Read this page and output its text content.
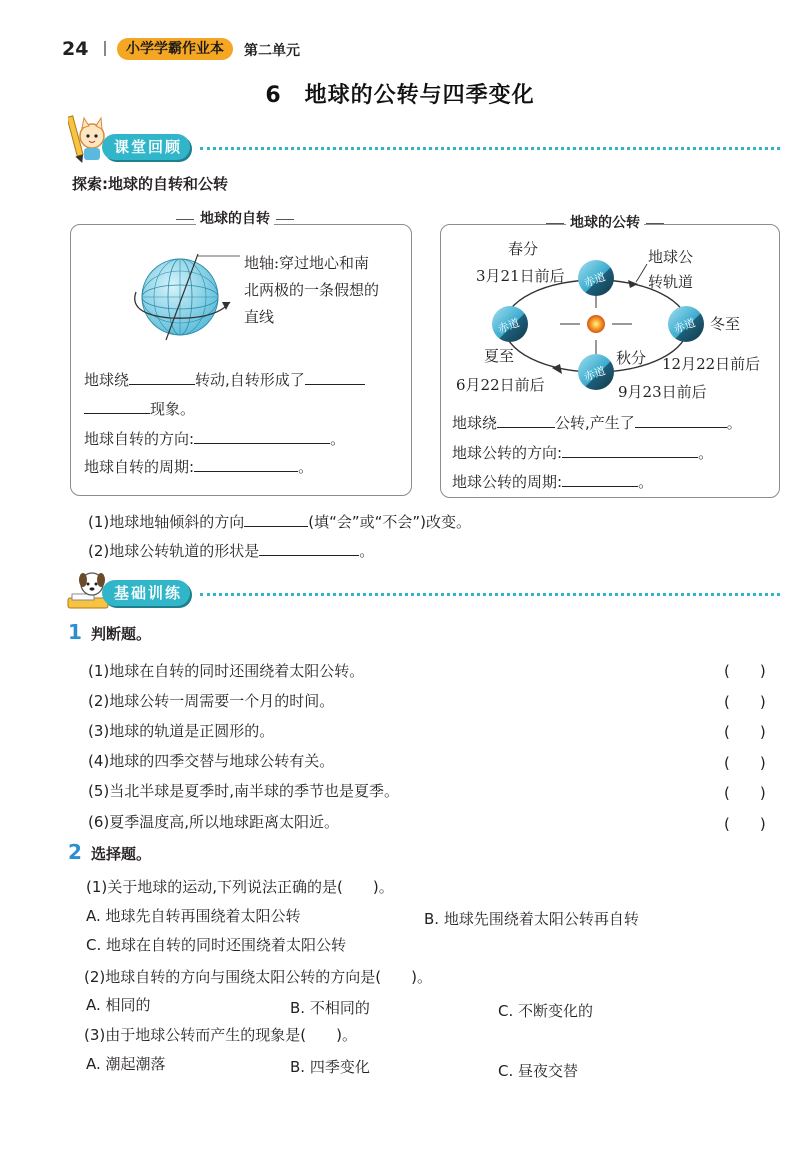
24	小学学霸作业本	第二单元
6　地球的公转与四季变化
课堂回顾
探索:地球的自转和公转
地球的自转
地轴:穿过地心和南
北两极的一条假想的
直线
地球绕	转动,自转形成了
现象。
地球自转的方向:	。
地球自转的周期:	。
地球的公转
赤道
赤道
赤道
赤道
春分
3月21日前后
地球公
转轨道
冬至
12月22日前后
夏至
6月22日前后
秋分
9月23日前后
地球绕	公转,产生了	。
地球公转的方向:	。
地球公转的周期:	。
(1)地球地轴倾斜的方向	(填“会”或“不会”)改变。
(2)地球公转轨道的形状是	。
基础训练
1 判断题。
(1)地球在自转的同时还围绕着太阳公转。	(　　)
(2)地球公转一周需要一个月的时间。	(　　)
(3)地球的轨道是正圆形的。	(　　)
(4)地球的四季交替与地球公转有关。	(　　)
(5)当北半球是夏季时,南半球的季节也是夏季。	(　　)
(6)夏季温度高,所以地球距离太阳近。	(　　)
2 选择题。
(1)关于地球的运动,下列说法正确的是(　　)。
A. 地球先自转再围绕着太阳公转	B. 地球先围绕着太阳公转再自转
C. 地球在自转的同时还围绕着太阳公转
(2)地球自转的方向与围绕太阳公转的方向是(　　)。
A. 相同的	B. 不相同的	C. 不断变化的
(3)由于地球公转而产生的现象是(　　)。
A. 潮起潮落	B. 四季变化	C. 昼夜交替
